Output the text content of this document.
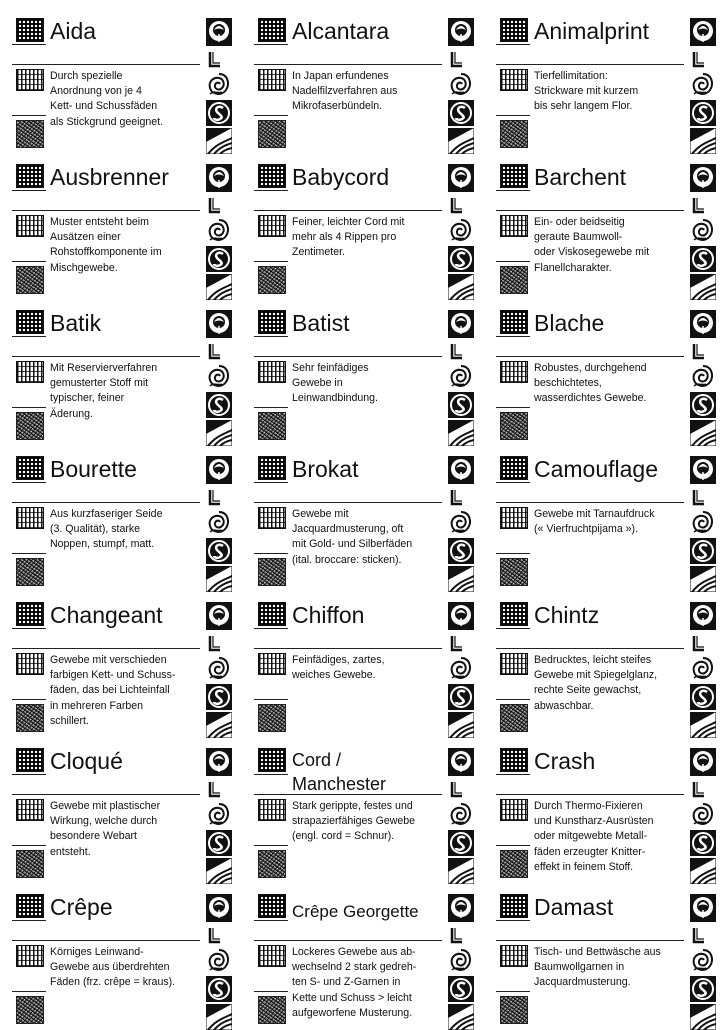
Aida
Durch spezielle
Anordnung von je 4
Kett- und Schussfäden
als Stickgrund geeignet.
Alcantara
In Japan erfundenes
Nadelfilzverfahren aus
Mikrofaserbündeln.
Animalprint
Tierfellimitation:
Strickware mit kurzem
bis sehr langem Flor.
Ausbrenner
Muster entsteht beim
Ausätzen einer
Rohstoffkomponente im
Mischgewebe.
Babycord
Feiner, leichter Cord mit
mehr als 4 Rippen pro
Zentimeter.
Barchent
Ein- oder beidseitig
geraute Baumwoll-
oder Viskosegewebe mit
Flanellcharakter.
Batik
Mit Reservierverfahren
gemusterter Stoff mit
typischer, feiner
Äderung.
Batist
Sehr feinfädiges
Gewebe in
Leinwandbindung.
Blache
Robustes, durchgehend
beschichtetes,
wasserdichtes Gewebe.
Bourette
Aus kurzfaseriger Seide
(3. Qualität), starke
Noppen, stumpf, matt.
Brokat
Gewebe mit
Jacquardmusterung, oft
mit Gold- und Silberfäden
(ital. broccare: sticken).
Camouflage
Gewebe mit Tarnaufdruck
(« Vierfruchtpijama »).
Changeant
Gewebe mit verschieden
farbigen Kett- und Schuss-
fäden, das bei Lichteinfall
in mehreren Farben
schillert.
Chiffon
Feinfädiges, zartes,
weiches Gewebe.
Chintz
Bedrucktes, leicht steifes
Gewebe mit Spiegelglanz,
rechte Seite gewachst,
abwaschbar.
Cloqué
Gewebe mit plastischer
Wirkung, welche durch
besondere Webart
entsteht.
Cord /
Manchester
Stark gerippte, festes und
strapazierfähiges Gewebe
(engl. cord = Schnur).
Crash
Durch Thermo-Fixieren
und Kunstharz-Ausrüsten
oder mitgewebte Metall-
fäden erzeugter Knitter-
effekt in feinem Stoff.
Crêpe
Körniges Leinwand-
Gewebe aus überdrehten
Fäden (frz. crêpe = kraus).
Crêpe Georgette
Lockeres Gewebe aus ab-
wechselnd 2 stark gedreh-
ten S- und Z-Garnen in
Kette und Schuss > leicht
aufgeworfene Musterung.
Damast
Tisch- und Bettwäsche aus
Baumwollgarnen in
Jacquardmusterung.
